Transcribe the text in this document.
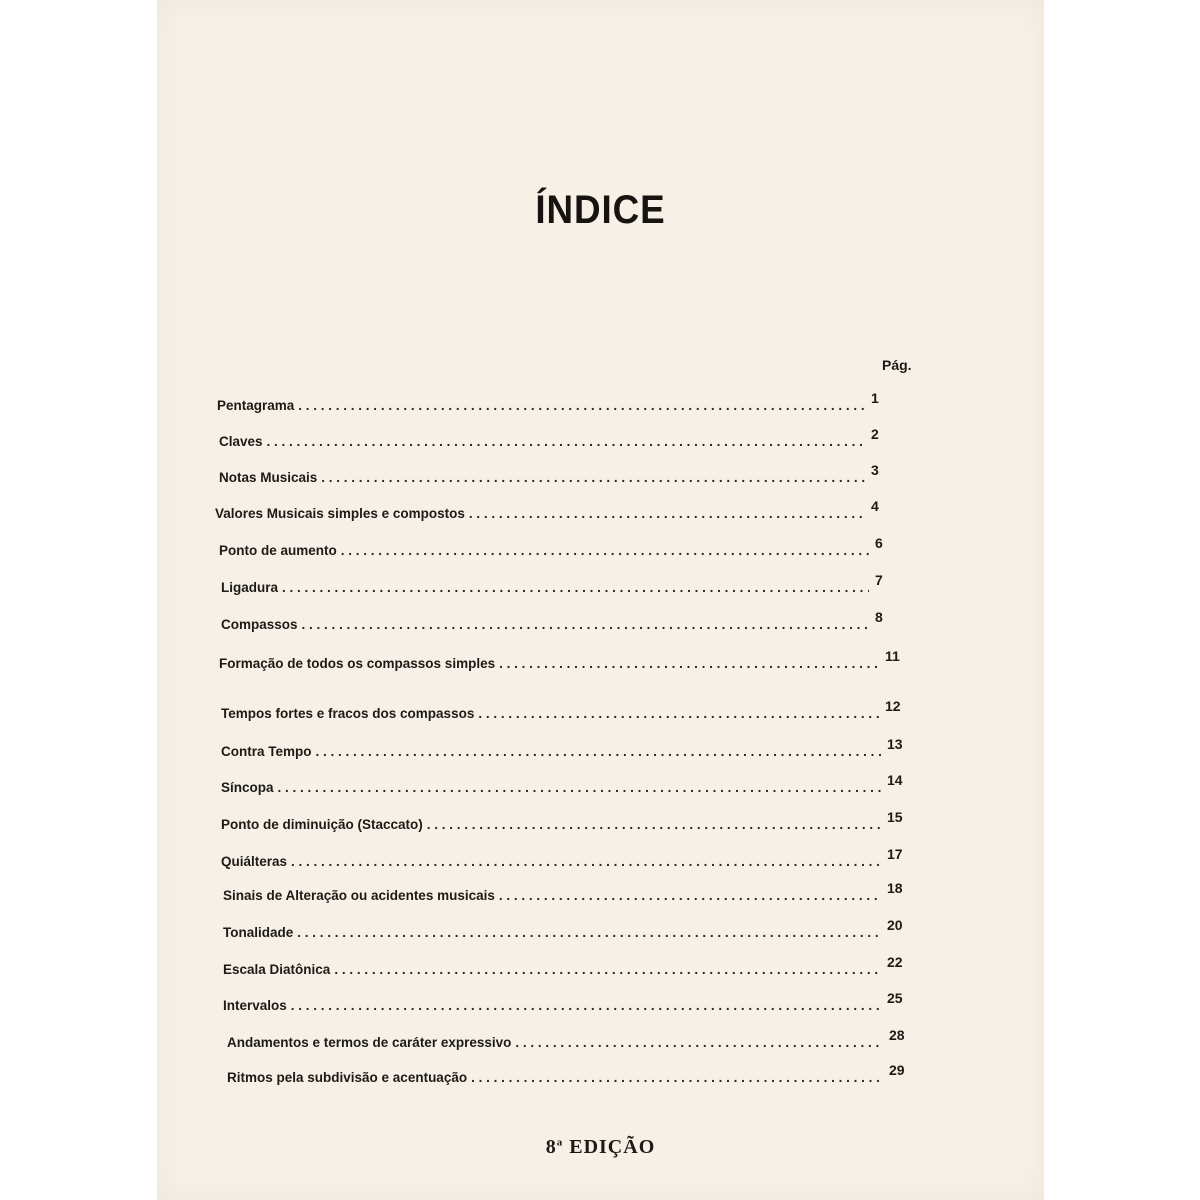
ÍNDICE
Pág.
Pentagrama . . .	1
Claves . . .	2
Notas Musicais . . .	3
Valores Musicais simples e compostos . . .	4
Ponto de aumento . . .	6
Ligadura . . .	7
Compassos . . .	8
Formação de todos os compassos simples . . .	11
Tempos fortes e fracos dos compassos . . .	12
Contra Tempo . . .	13
Síncopa . . .	14
Ponto de diminuição (Staccato) . . .	15
Quiálteras . . .	17
Sinais de Alteração ou acidentes musicais . . .	18
Tonalidade . . .	20
Escala Diatônica . . .	22
Intervalos . . .	25
Andamentos e termos de caráter expressivo . . .	28
Ritmos pela subdivisão e acentuação . . .	29
8$^a$ EDIÇÃO
